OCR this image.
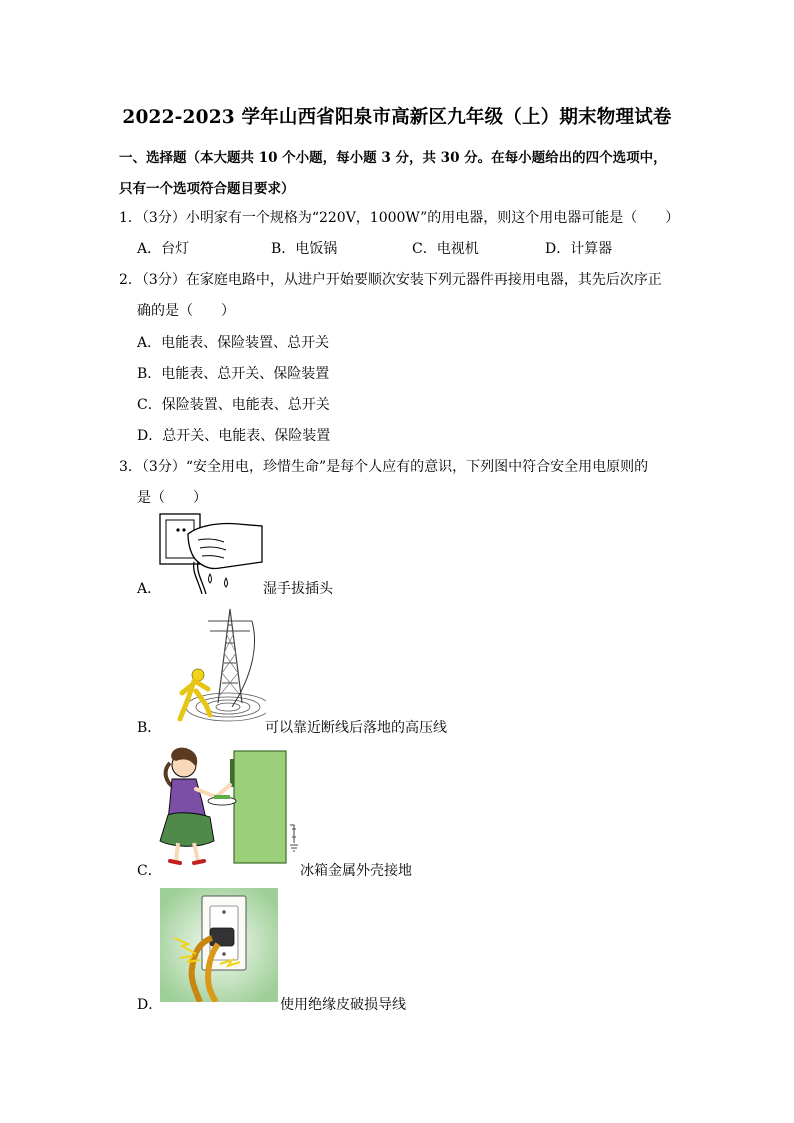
2022-2023 学年山西省阳泉市高新区九年级（上）期末物理试卷
一、选择题（本大题共 10 个小题，每小题 3 分，共 30 分。在每小题给出的四个选项中，
只有一个选项符合题目要求）
1．（3分）小明家有一个规格为“220V，1000W”的用电器，则这个用电器可能是（　　）
A．台灯	B．电饭锅	C．电视机	D．计算器
2．（3分）在家庭电路中，从进户开始要顺次安装下列元器件再接用电器，其先后次序正
确的是（　　）
A．电能表、保险装置、总开关
B．电能表、总开关、保险装置
C．保险装置、电能表、总开关
D．总开关、电能表、保险装置
3．（3分）“安全用电，珍惜生命”是每个人应有的意识，下列图中符合安全用电原则的
是（　　）
A．	湿手拔插头
B．	可以靠近断线后落地的高压线
C．	冰箱金属外壳接地
D．	使用绝缘皮破损导线
